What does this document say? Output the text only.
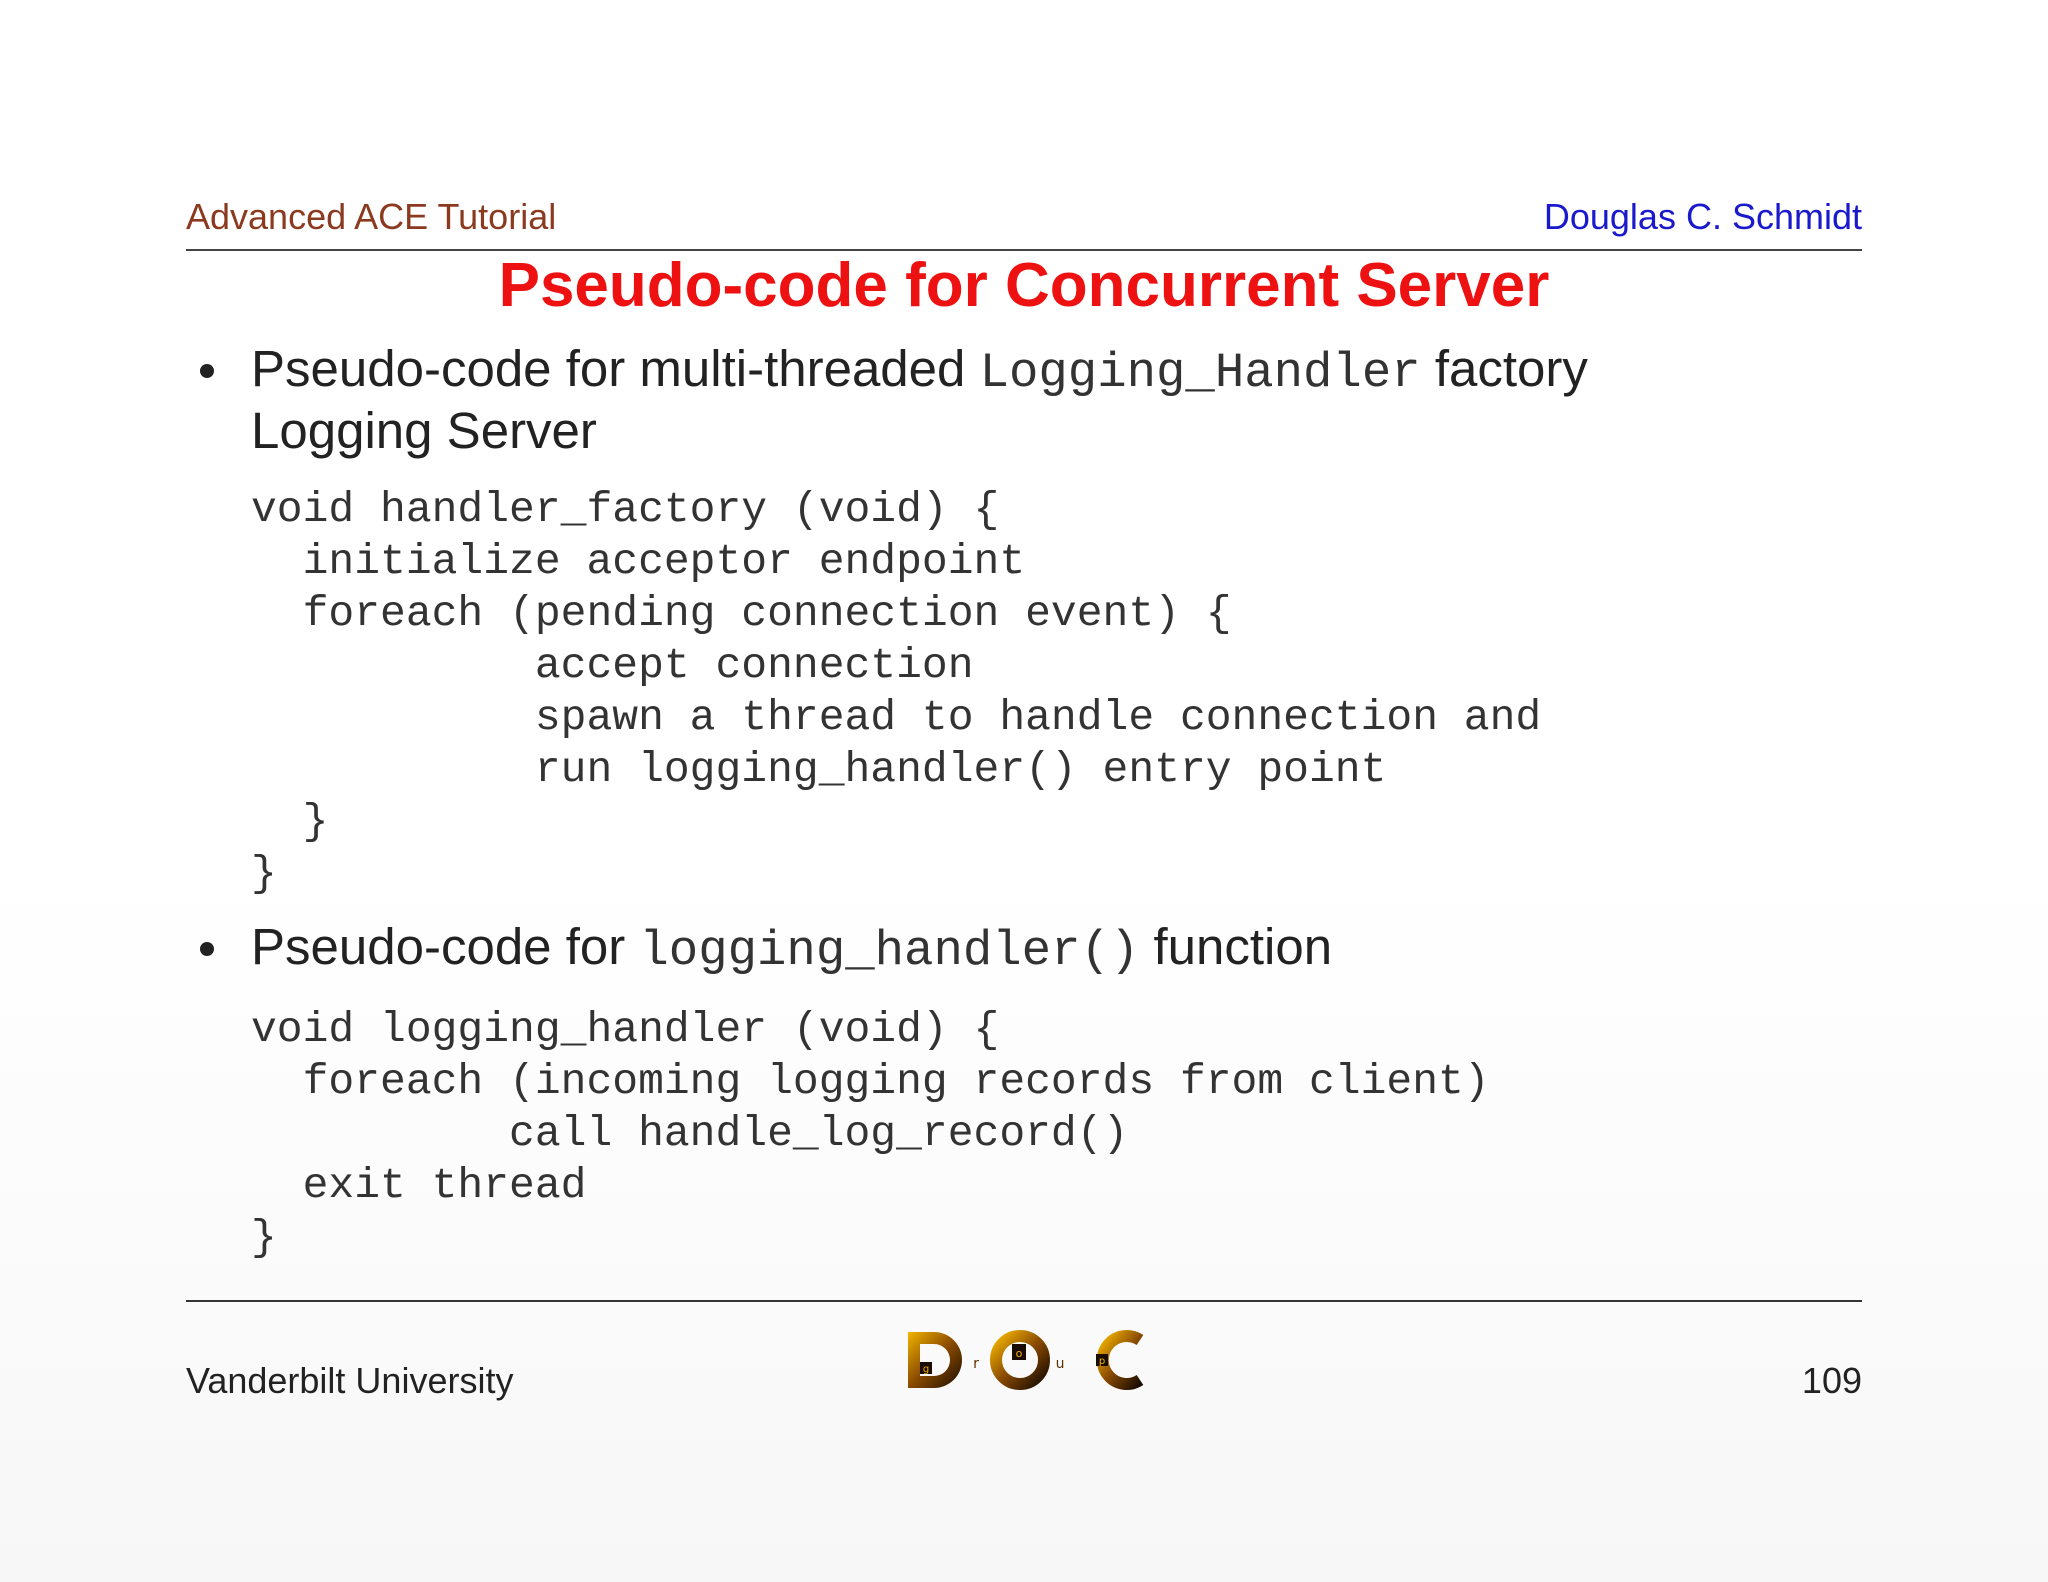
Advanced ACE Tutorial	Douglas C. Schmidt
Pseudo-code for Concurrent Server
Pseudo-code for multi-threaded Logging_Handler factory
Logging Server
void handler_factory (void) {
initialize acceptor endpoint
foreach (pending connection event) {
accept connection
spawn a thread to handle connection and
run logging_handler() entry point
}
}
Pseudo-code for logging_handler() function
void logging_handler (void) {
foreach (incoming logging records from client)
call handle_log_record()
exit thread
}
Vanderbilt University	g	r
o
u	p	109
